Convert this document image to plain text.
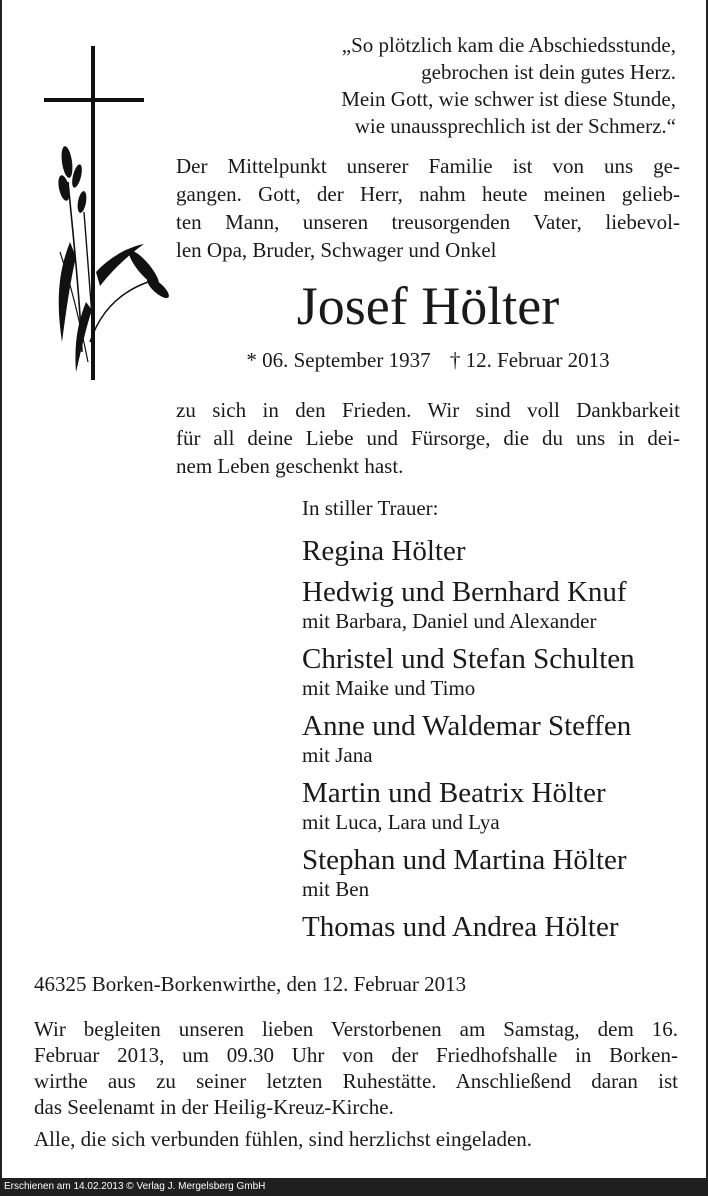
„So plötzlich kam die Abschiedsstunde,
gebrochen ist dein gutes Herz.
Mein Gott, wie schwer ist diese Stunde,
wie unaussprechlich ist der Schmerz.“
Der Mittelpunkt unserer Familie ist von uns ge-
gangen. Gott, der Herr, nahm heute meinen gelieb-
ten Mann, unseren treusorgenden Vater, liebevol-
len Opa, Bruder, Schwager und Onkel
Josef Hölter
* 06. September 1937 † 12. Februar 2013
zu sich in den Frieden. Wir sind voll Dankbarkeit
für all deine Liebe und Fürsorge, die du uns in dei-
nem Leben geschenkt hast.
In stiller Trauer:
Regina Hölter
Hedwig und Bernhard Knuf
mit Barbara, Daniel und Alexander
Christel und Stefan Schulten
mit Maike und Timo
Anne und Waldemar Steffen
mit Jana
Martin und Beatrix Hölter
mit Luca, Lara und Lya
Stephan und Martina Hölter
mit Ben
Thomas und Andrea Hölter
46325 Borken-Borkenwirthe, den 12. Februar 2013
Wir begleiten unseren lieben Verstorbenen am Samstag, dem 16.
Februar 2013, um 09.30 Uhr von der Friedhofshalle in Borken-
wirthe aus zu seiner letzten Ruhestätte. Anschließend daran ist
das Seelenamt in der Heilig-Kreuz-Kirche.
Alle, die sich verbunden fühlen, sind herzlichst eingeladen.
Erschienen am 14.02.2013 © Verlag J. Mergelsberg GmbH
